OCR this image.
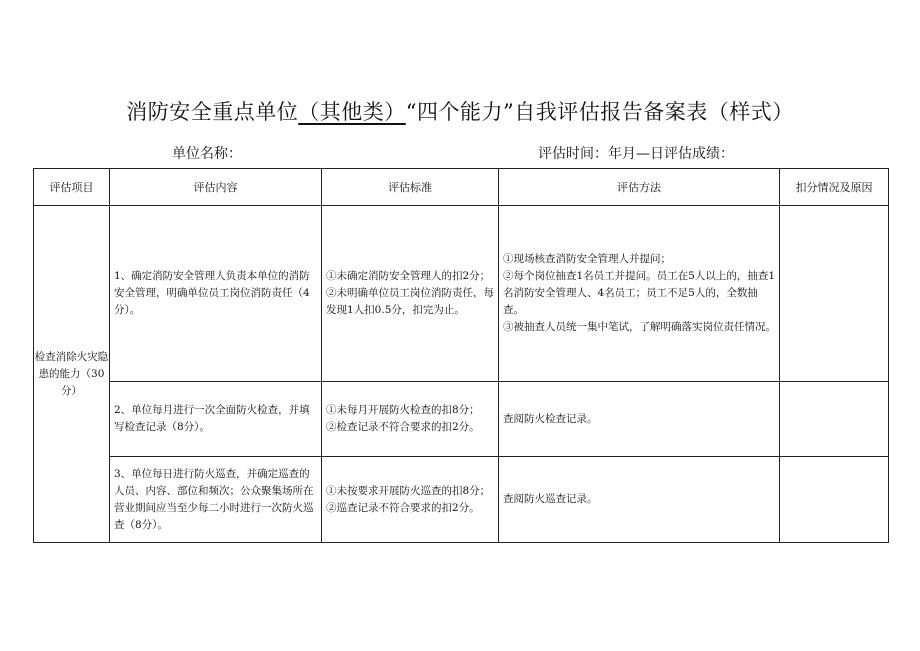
消防安全重点单位（其他类）“四个能力”自我评估报告备案表（样式）
单位名称：	评估时间：年月—日评估成绩：
评估项目	评估内容	评估标准	评估方法	扣分情况及原因
检查消除火灾隐患的能力（30分）	1、确定消防安全管理人负责本单位的消防安全管理，明确单位员工岗位消防责任（4分）。	①未确定消防安全管理人的扣2分；
②未明确单位员工岗位消防责任，每发现1人扣0.5分，扣完为止。	①现场核查消防安全管理人并提问；
②每个岗位抽查1名员工并提问。员工在5人以上的，抽查1名消防安全管理人、4名员工；员工不足5人的，全数抽查。
③被抽查人员统一集中笔试，了解明确落实岗位责任情况。	

	2、单位每月进行一次全面防火检查，并填写检查记录（8分）。	①未每月开展防火检查的扣8分；
②检查记录不符合要求的扣2分。	查阅防火检查记录。	

	3、单位每日进行防火巡查，并确定巡查的人员、内容、部位和频次；公众聚集场所在营业期间应当至少每二小时进行一次防火巡查（8分）。	①未按要求开展防火巡查的扣8分；
②巡查记录不符合要求的扣2分。	查阅防火巡查记录。	
